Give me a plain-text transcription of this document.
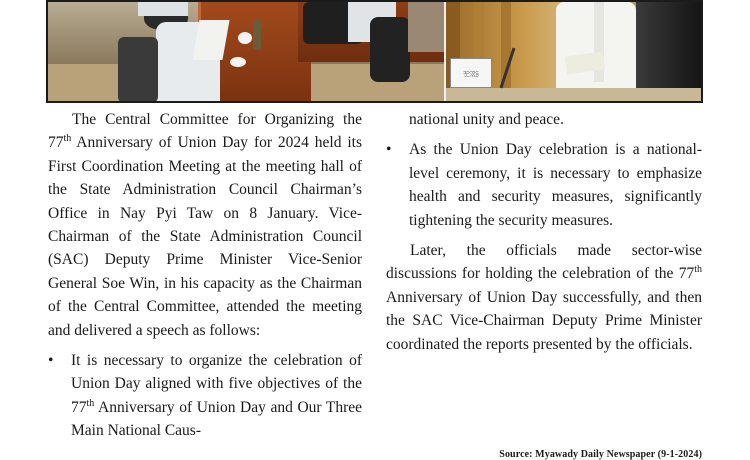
ဒုဥက္ကဋ္ဌ

The Central Committee for Organizing the 77th Anniversary of Union Day for 2024 held its First Coordination Meeting at the meeting hall of the State Administration Council Chairman’s Office in Nay Pyi Taw on 8 January. Vice-Chairman of the State Administration Council (SAC) Deputy Prime Minister Vice-Senior General Soe Win, in his capacity as the Chairman of the Central Committee, attended the meeting and delivered a speech as follows:

• It is necessary to organize the celebration of Union Day aligned with five objectives of the 77th Anniversary of Union Day and Our Three Main National Caus-

national unity and peace.

• As the Union Day celebration is a national-level ceremony, it is necessary to emphasize health and security measures, significantly tightening the security measures.

Later, the officials made sector-wise discussions for holding the celebration of the 77th Anniversary of Union Day successfully, and then the SAC Vice-Chairman Deputy Prime Minister coordinated the reports presented by the officials.

Source: Myawady Daily Newspaper (9-1-2024)
